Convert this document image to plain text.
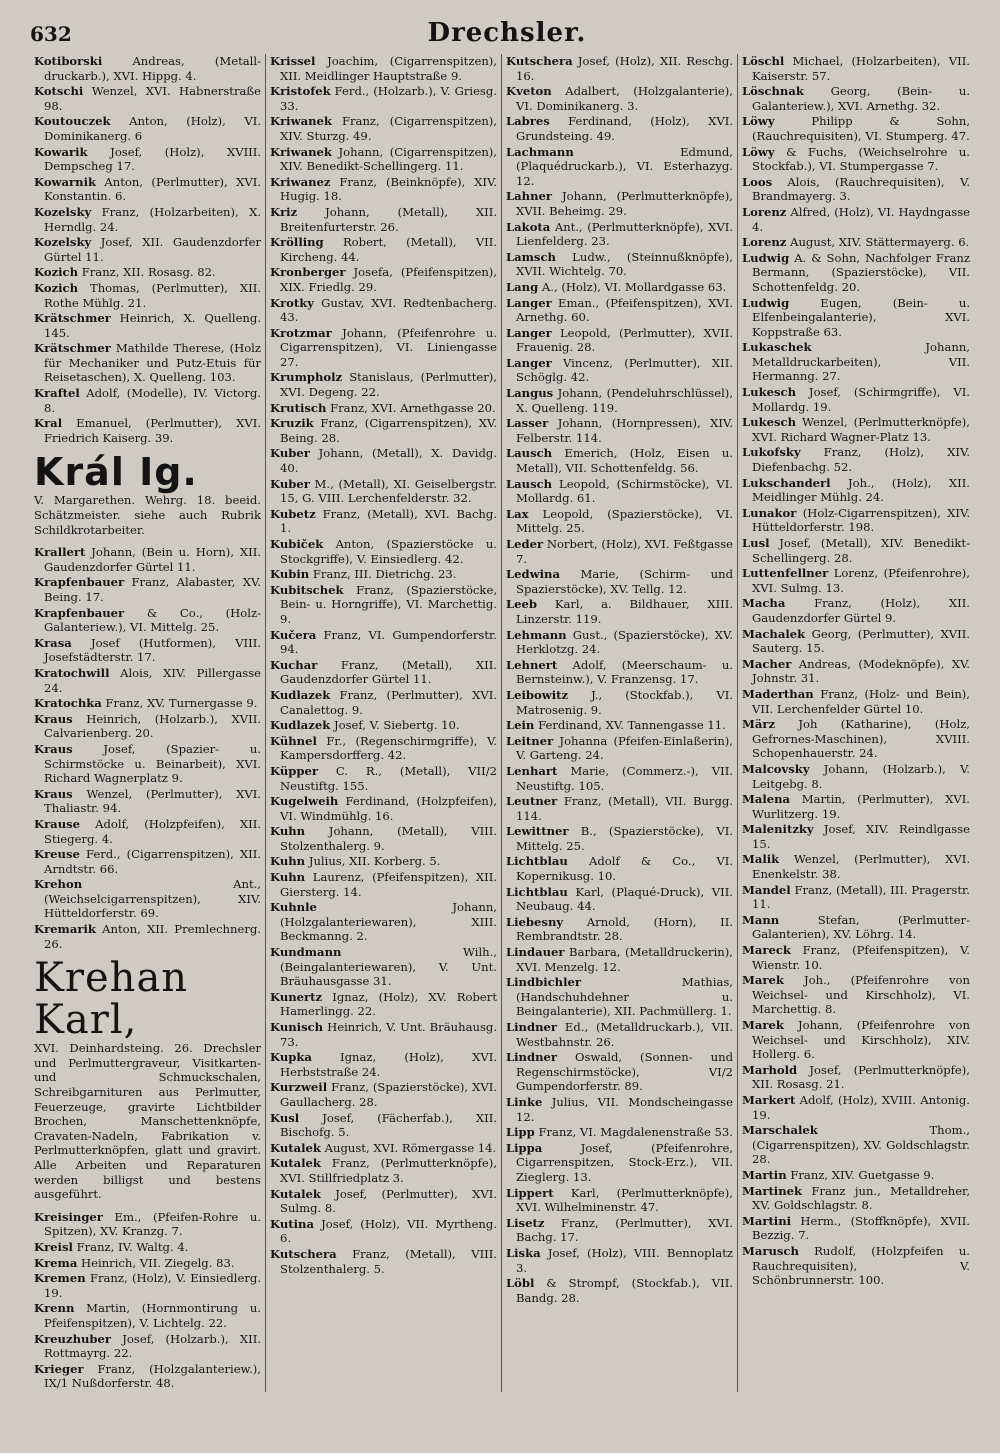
632	Drechsler.
Kotiborski	Andreas, (Metall-druckarb.), XVI. Hippg. 4.
Kotschi Wenzel, XVI. Habnerstraße 98.
Koutouczek Anton, (Holz), VI. Dominikanerg. 6
Kowarik Josef, (Holz), XVIII. Dempscheg 17.
Kowarnik Anton, (Perlmutter), XVI. Konstantin. 6.
Kozelsky Franz, (Holzarbeiten), X. Herndlg. 24.
Kozelsky Josef, XII. Gaudenzdorfer Gürtel 11.
Kozich Franz, XII. Rosasg. 82.
Kozich Thomas, (Perlmutter), XII. Rothe Mühlg. 21.
Krätschmer Heinrich, X. Quelleng. 145.
Krätschmer Mathilde Therese, (Holz für Mechaniker und Putz-Etuis für Reisetaschen), X. Quelleng. 103.
Kraftel Adolf, (Modelle), IV. Victorg. 8.
Kral Emanuel, (Perlmutter), XVI. Friedrich Kaiserg. 39.
Král Ig.
V. Margarethen. Wehrg. 18. beeid. Schätzmeister. siehe auch Rubrik Schildkrotarbeiter.
Krallert Johann, (Bein u. Horn), XII. Gaudenzdorfer Gürtel 11.
Krapfenbauer Franz, Alabaster, XV. Being. 17.
Krapfenbauer & Co., (Holz-Galanteriew.), VI. Mittelg. 25.
Krasa Josef (Hutformen), VIII. Josefstädterstr. 17.
Kratochwill Alois, XIV. Pillergasse 24.
Kratochka Franz, XV. Turnergasse 9.
Kraus Heinrich, (Holzarb.), XVII. Calvarienberg. 20.
Kraus	Josef, (Spazier- u. Schirmstöcke u. Beinarbeit), XVI. Richard Wagnerplatz 9.
Kraus Wenzel, (Perlmutter), XVI. Thaliastr. 94.
Krause Adolf, (Holzpfeifen), XII. Stiegerg. 4.
Kreuse Ferd., (Cigarrenspitzen), XII. Arndtstr. 66.
Krehon	Ant., (Weichselcigarrenspitzen), XIV. Hütteldorferstr. 69.
Kremarik Anton, XII. Premlechnerg. 26.
Krehan Karl,
XVI. Deinhardsteing. 26. Drechsler und Perlmuttergraveur, Visitkarten- und Schmuckschalen, Schreibgarnituren aus Perlmutter, Feuerzeuge, gravirte Lichtbilder Brochen, Manschettenknöpfe, Cravaten-Nadeln, Fabrikation v. Perlmutterknöpfen, glatt und gravirt. Alle Arbeiten und Reparaturen werden billigst und bestens ausgeführt.
Kreisinger Em., (Pfeifen-Rohre u. Spitzen), XV. Kranzg. 7.
Kreisl Franz, IV. Waltg. 4.
Krema Heinrich, VII. Ziegelg. 83.
Kremen Franz, (Holz), V. Einsiedlerg. 19.
Krenn Martin, (Hornmontirung u. Pfeifenspitzen), V. Lichtelg. 22.
Kreuzhuber Josef, (Holzarb.), XII. Rottmayrg. 22.
Krieger Franz, (Holzgalanteriew.), IX/1 Nußdorferstr. 48.
Krissel Joachim, (Cigarrenspitzen), XII. Meidlinger Hauptstraße 9.
Kristofek Ferd., (Holzarb.), V. Griesg. 33.
Kriwanek Franz, (Cigarrenspitzen), XIV. Sturzg. 49.
Kriwanek Johann, (Cigarrenspitzen), XIV. Benedikt-Schellingerg. 11.
Kriwanez Franz, (Beinknöpfe), XIV. Hugig. 18.
Kriz Johann, (Metall), XII. Breitenfurterstr. 26.
Krölling Robert, (Metall), VII. Kircheng. 44.
Kronberger Josefa, (Pfeifenspitzen), XIX. Friedlg. 29.
Krotky Gustav, XVI. Redtenbacherg. 43.
Krotzmar Johann, (Pfeifenrohre u. Cigarrenspitzen), VI. Liniengasse 27.
Krumpholz Stanislaus, (Perlmutter), XVI. Degeng. 22.
Krutisch Franz, XVI. Arnethgasse 20.
Kruzik Franz, (Cigarrenspitzen), XV. Being. 28.
Kuber Johann, (Metall), X. Davidg. 40.
Kuber M., (Metall), XI. Geiselbergstr. 15, G. VIII. Lerchenfelderstr. 32.
Kubetz Franz, (Metall), XVI. Bachg. 1.
Kubiček Anton, (Spazierstöcke u. Stockgriffe), V. Einsiedlerg. 42.
Kubin Franz, III. Dietrichg. 23.
Kubitschek Franz, (Spazierstöcke, Bein- u. Horngriffe), VI. Marchettig. 9.
Kučera Franz, VI. Gumpendorferstr. 94.
Kuchar Franz, (Metall), XII. Gaudenzdorfer Gürtel 11.
Kudlazek Franz, (Perlmutter), XVI. Canalettog. 9.
Kudlazek Josef, V. Siebertg. 10.
Kühnel Fr., (Regenschirmgriffe), V. Kampersdorfferg. 42.
Küpper C. R., (Metall), VII/2 Neustiftg. 155.
Kugelweih Ferdinand, (Holzpfeifen), VI. Windmühlg. 16.
Kuhn Johann, (Metall), VIII. Stolzenthalerg. 9.
Kuhn Julius, XII. Korberg. 5.
Kuhn Laurenz, (Pfeifenspitzen), XII. Giersterg. 14.
Kuhnle	Johann, (Holzgalanteriewaren), XIII. Beckmanng. 2.
Kundmann	Wilh., (Beingalanteriewaren), V. Unt. Bräuhausgasse 31.
Kunertz Ignaz, (Holz), XV. Robert Hamerlingg. 22.
Kunisch Heinrich, V. Unt. Bräuhausg. 73.
Kupka Ignaz, (Holz), XVI. Herbststraße 24.
Kurzweil Franz, (Spazierstöcke), XVI. Gaullacherg. 28.
Kusl Josef, (Fächerfab.), XII. Bischofg. 5.
Kutalek August, XVI. Römergasse 14.
Kutalek Franz, (Perlmutterknöpfe), XVI. Stillfriedplatz 3.
Kutalek Josef, (Perlmutter), XVI. Sulmg. 8.
Kutina Josef, (Holz), VII. Myrtheng. 6.
Kutschera Franz, (Metall), VIII. Stolzenthalerg. 5.
Kutschera Josef, (Holz), XII. Reschg. 16.
Kveton Adalbert, (Holzgalanterie), VI. Dominikanerg. 3.
Labres Ferdinand, (Holz), XVI. Grundsteing. 49.
Lachmann	Edmund, (Plaquédruckarb.), VI. Esterhazyg. 12.
Lahner Johann, (Perlmutterknöpfe), XVII. Beheimg. 29.
Lakota Ant., (Perlmutterknöpfe), XVI. Lienfelderg. 23.
Lamsch Ludw., (Steinnußknöpfe), XVII. Wichtelg. 70.
Lang A., (Holz), VI. Mollardgasse 63.
Langer Eman., (Pfeifenspitzen), XVI. Arnethg. 60.
Langer Leopold, (Perlmutter), XVII. Frauenig. 28.
Langer Vincenz, (Perlmutter), XII. Schöglg. 42.
Langus Johann, (Pendeluhrschlüssel), X. Quelleng. 119.
Lasser Johann, (Hornpressen), XIV. Felberstr. 114.
Lausch Emerich, (Holz, Eisen u. Metall), VII. Schottenfeldg. 56.
Lausch Leopold, (Schirmstöcke), VI. Mollardg. 61.
Lax Leopold, (Spazierstöcke), VI. Mittelg. 25.
Leder Norbert, (Holz), XVI. Feßtgasse 7.
Ledwina Marie, (Schirm- und Spazierstöcke), XV. Tellg. 12.
Leeb Karl, a. Bildhauer, XIII. Linzerstr. 119.
Lehmann Gust., (Spazierstöcke), XV. Herklotzg. 24.
Lehnert Adolf, (Meerschaum- u. Bernsteinw.), V. Franzensg. 17.
Leibowitz J., (Stockfab.), VI. Matrosenig. 9.
Lein Ferdinand, XV. Tannengasse 11.
Leitner Johanna (Pfeifen-Einlaßerin), V. Garteng. 24.
Lenhart Marie, (Commerz.-), VII. Neustiftg. 105.
Leutner Franz, (Metall), VII. Burgg. 114.
Lewittner B., (Spazierstöcke), VI. Mittelg. 25.
Lichtblau Adolf & Co., VI. Kopernikusg. 10.
Lichtblau Karl, (Plaqué-Druck), VII. Neubaug. 44.
Liebesny Arnold, (Horn), II. Rembrandtstr. 28.
Lindauer Barbara, (Metalldruckerin), XVI. Menzelg. 12.
Lindbichler	Mathias, (Handschuhdehner u. Beingalanterie), XII. Pachmüllerg. 1.
Lindner Ed., (Metalldruckarb.), VII. Westbahnstr. 26.
Lindner Oswald, (Sonnen- und Regenschirmstöcke), VI/2 Gumpendorferstr. 89.
Linke Julius, VII. Mondscheingasse 12.
Lipp Franz, VI. Magdalenenstraße 53.
Lippa	Josef, (Pfeifenrohre, Cigarrenspitzen, Stock-Erz.), VII. Zieglerg. 13.
Lippert Karl, (Perlmutterknöpfe), XVI. Wilhelminenstr. 47.
Lisetz Franz, (Perlmutter), XVI. Bachg. 17.
Liska Josef, (Holz), VIII. Bennoplatz 3.
Löbl & Strompf, (Stockfab.), VII. Bandg. 28.
Löschl Michael, (Holzarbeiten), VII. Kaiserstr. 57.
Löschnak Georg, (Bein- u. Galanteriew.), XVI. Arnethg. 32.
Löwy	Philipp & Sohn, (Rauchrequisiten), VI. Stumperg. 47.
Löwy & Fuchs, (Weichselrohre u. Stockfab.), VI. Stumpergasse 7.
Loos Alois, (Rauchrequisiten), V. Brandmayerg. 3.
Lorenz Alfred, (Holz), VI. Haydngasse 4.
Lorenz August, XIV. Stättermayerg. 6.
Ludwig A. & Sohn, Nachfolger Franz Bermann, (Spazierstöcke), VII. Schottenfeldg. 20.
Ludwig	Eugen, (Bein- u. Elfenbeingalanterie), XVI. Koppstraße 63.
Lukaschek	Johann, Metalldruckarbeiten), VII. Hermanng. 27.
Lukesch Josef, (Schirmgriffe), VI. Mollardg. 19.
Lukesch Wenzel, (Perlmutterknöpfe), XVI. Richard Wagner-Platz 13.
Lukofsky Franz, (Holz), XIV. Diefenbachg. 52.
Lukschanderl Joh., (Holz), XII. Meidlinger Mühlg. 24.
Lunakor (Holz-Cigarrenspitzen), XIV. Hütteldorferstr. 198.
Lusl Josef, (Metall), XIV. Benedikt-Schellingerg. 28.
Luttenfellner Lorenz, (Pfeifenrohre), XVI. Sulmg. 13.
Macha Franz, (Holz), XII. Gaudenzdorfer Gürtel 9.
Machalek Georg, (Perlmutter), XVII. Sauterg. 15.
Macher Andreas, (Modeknöpfe), XV. Johnstr. 31.
Maderthan Franz, (Holz- und Bein), VII. Lerchenfelder Gürtel 10.
März Joh (Katharine), (Holz, Gefrornes-Maschinen), XVIII. Schopenhauerstr. 24.
Malcovsky Johann, (Holzarb.), V. Leitgebg. 8.
Malena Martin, (Perlmutter), XVI. Wurlitzerg. 19.
Malenitzky Josef, XIV. Reindlgasse 15.
Malik Wenzel, (Perlmutter), XVI. Enenkelstr. 38.
Mandel Franz, (Metall), III. Pragerstr. 11.
Mann	Stefan, (Perlmutter-Galanterien), XV. Löhrg. 14.
Mareck Franz, (Pfeifenspitzen), V. Wienstr. 10.
Marek Joh., (Pfeifenrohre von Weichsel- und Kirschholz), VI. Marchettig. 8.
Marek Johann, (Pfeifenrohre von Weichsel- und Kirschholz), XIV. Hollerg. 6.
Marhold Josef, (Perlmutterknöpfe), XII. Rosasg. 21.
Markert Adolf, (Holz), XVIII. Antonig. 19.
Marschalek	Thom., (Cigarrenspitzen), XV. Goldschlagstr. 28.
Martin Franz, XIV. Guetgasse 9.
Martinek Franz jun., Metalldreher, XV. Goldschlagstr. 8.
Martini Herm., (Stoffknöpfe), XVII. Bezzig. 7.
Marusch Rudolf, (Holzpfeifen u. Rauchrequisiten), V. Schönbrunnerstr. 100.
